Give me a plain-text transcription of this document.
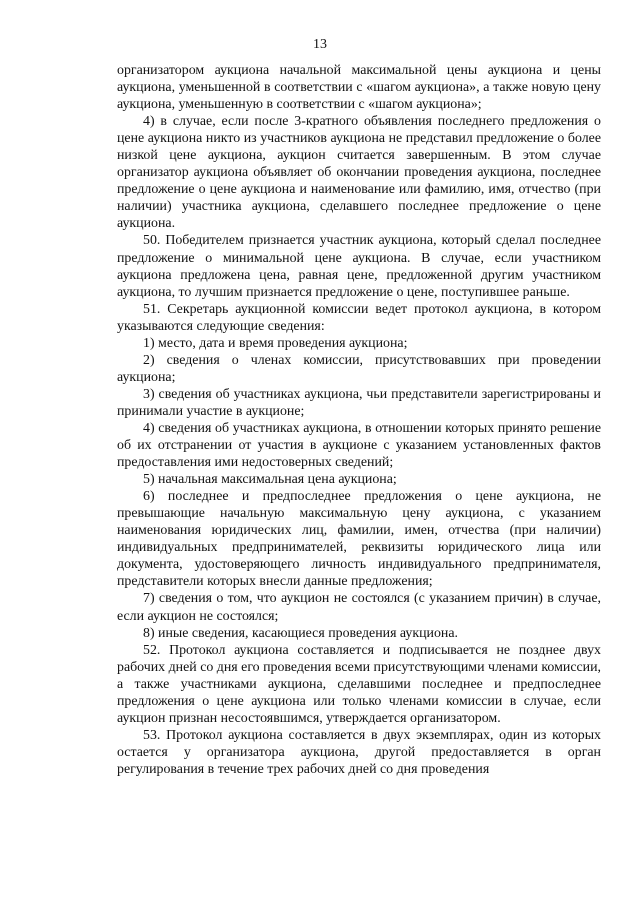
13

организатором аукциона начальной максимальной цены аукциона и цены аукциона, уменьшенной в соответствии с «шагом аукциона», а также новую цену аукциона, уменьшенную в соответствии с «шагом аукциона»;

4) в случае, если после 3-кратного объявления последнего предложения о цене аукциона никто из участников аукциона не представил предложение о более низкой цене аукциона, аукцион считается завершенным. В этом случае организатор аукциона объявляет об окончании проведения аукциона, последнее предложение о цене аукциона и наименование или фамилию, имя, отчество (при наличии) участника аукциона, сделавшего последнее предложение о цене аукциона.

50. Победителем признается участник аукциона, который сделал последнее предложение о минимальной цене аукциона. В случае, если участником аукциона предложена цена, равная цене, предложенной другим участником аукциона, то лучшим признается предложение о цене, поступившее раньше.

51. Секретарь аукционной комиссии ведет протокол аукциона, в котором указываются следующие сведения:

1) место, дата и время проведения аукциона;

2) сведения о членах комиссии, присутствовавших при проведении аукциона;

3) сведения об участниках аукциона, чьи представители зарегистрированы и принимали участие в аукционе;

4) сведения об участниках аукциона, в отношении которых принято решение об их отстранении от участия в аукционе с указанием установленных фактов предоставления ими недостоверных сведений;

5) начальная максимальная цена аукциона;

6) последнее и предпоследнее предложения о цене аукциона, не превышающие начальную максимальную цену аукциона, с указанием наименования юридических лиц, фамилии, имен, отчества (при наличии) индивидуальных предпринимателей, реквизиты юридического лица или документа, удостоверяющего личность индивидуального предпринимателя, представители которых внесли данные предложения;

7) сведения о том, что аукцион не состоялся (с указанием причин) в случае, если аукцион не состоялся;

8) иные сведения, касающиеся проведения аукциона.

52. Протокол аукциона составляется и подписывается не позднее двух рабочих дней со дня его проведения всеми присутствующими членами комиссии, а также участниками аукциона, сделавшими последнее и предпоследнее предложения о цене аукциона или только членами комиссии в случае, если аукцион признан несостоявшимся, утверждается организатором.

53. Протокол аукциона составляется в двух экземплярах, один из которых остается у организатора аукциона, другой предоставляется в орган регулирования в течение трех рабочих дней со дня проведения
